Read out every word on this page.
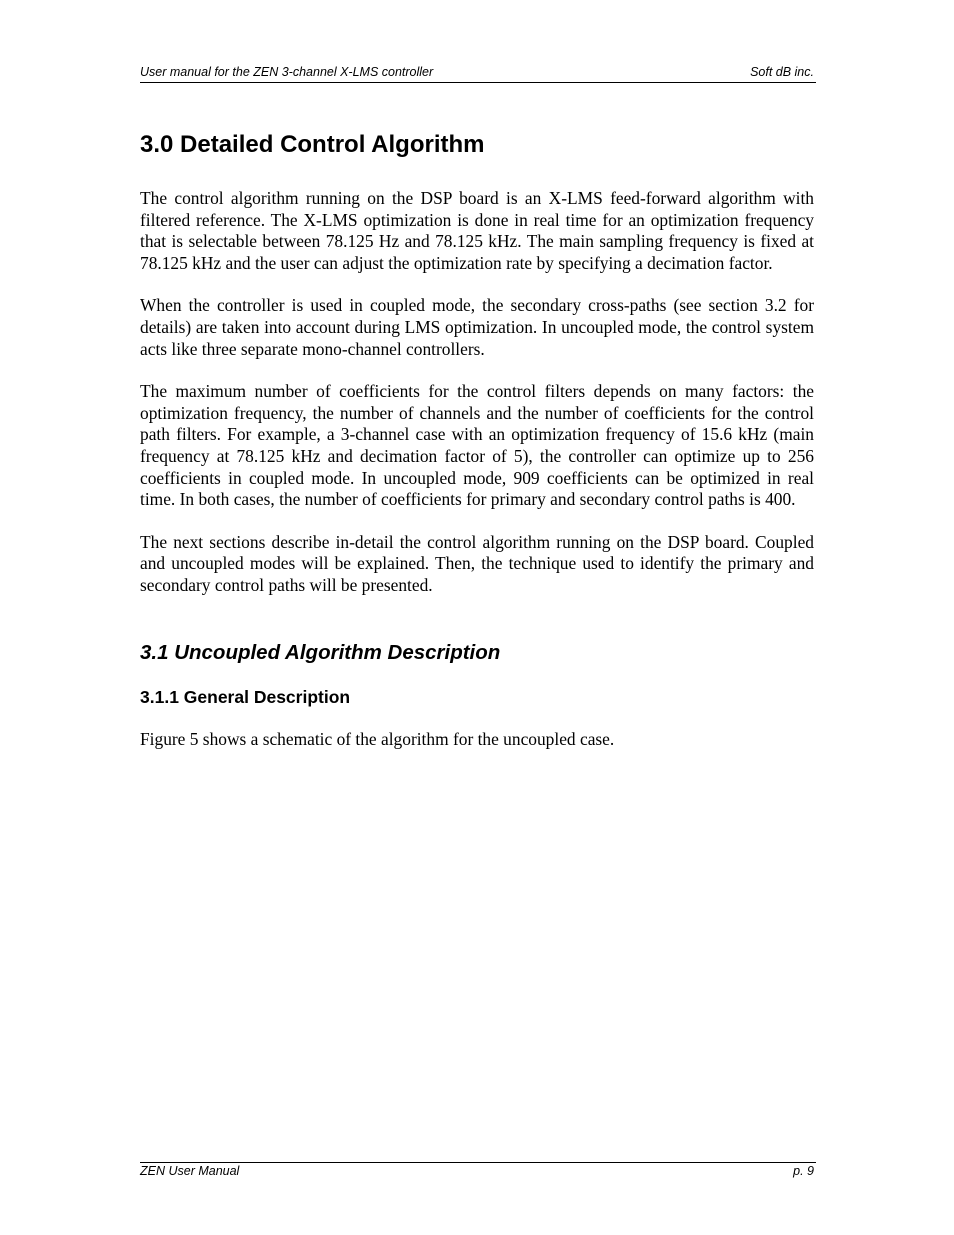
User manual for the ZEN 3-channel X-LMS controller	Soft dB inc.
3.0 Detailed Control Algorithm

The control algorithm running on the DSP board is an X-LMS feed-forward algorithm with filtered reference. The X-LMS optimization is done in real time for an optimization frequency that is selectable between 78.125 Hz and 78.125 kHz. The main sampling frequency is fixed at 78.125 kHz and the user can adjust the optimization rate by specifying a decimation factor.

When the controller is used in coupled mode, the secondary cross-paths (see section 3.2 for details) are taken into account during LMS optimization. In uncoupled mode, the control system acts like three separate mono-channel controllers.

The maximum number of coefficients for the control filters depends on many factors: the optimization frequency, the number of channels and the number of coefficients for the control path filters. For example, a 3-channel case with an optimization frequency of 15.6 kHz (main frequency at 78.125 kHz and decimation factor of 5), the controller can optimize up to 256 coefficients in coupled mode. In uncoupled mode, 909 coefficients can be optimized in real time. In both cases, the number of coefficients for primary and secondary control paths is 400.

The next sections describe in-detail the control algorithm running on the DSP board. Coupled and uncoupled modes will be explained. Then, the technique used to identify the primary and secondary control paths will be presented.

3.1 Uncoupled Algorithm Description
3.1.1 General Description

Figure 5 shows a schematic of the algorithm for the uncoupled case.

ZEN User Manual	p. 9
